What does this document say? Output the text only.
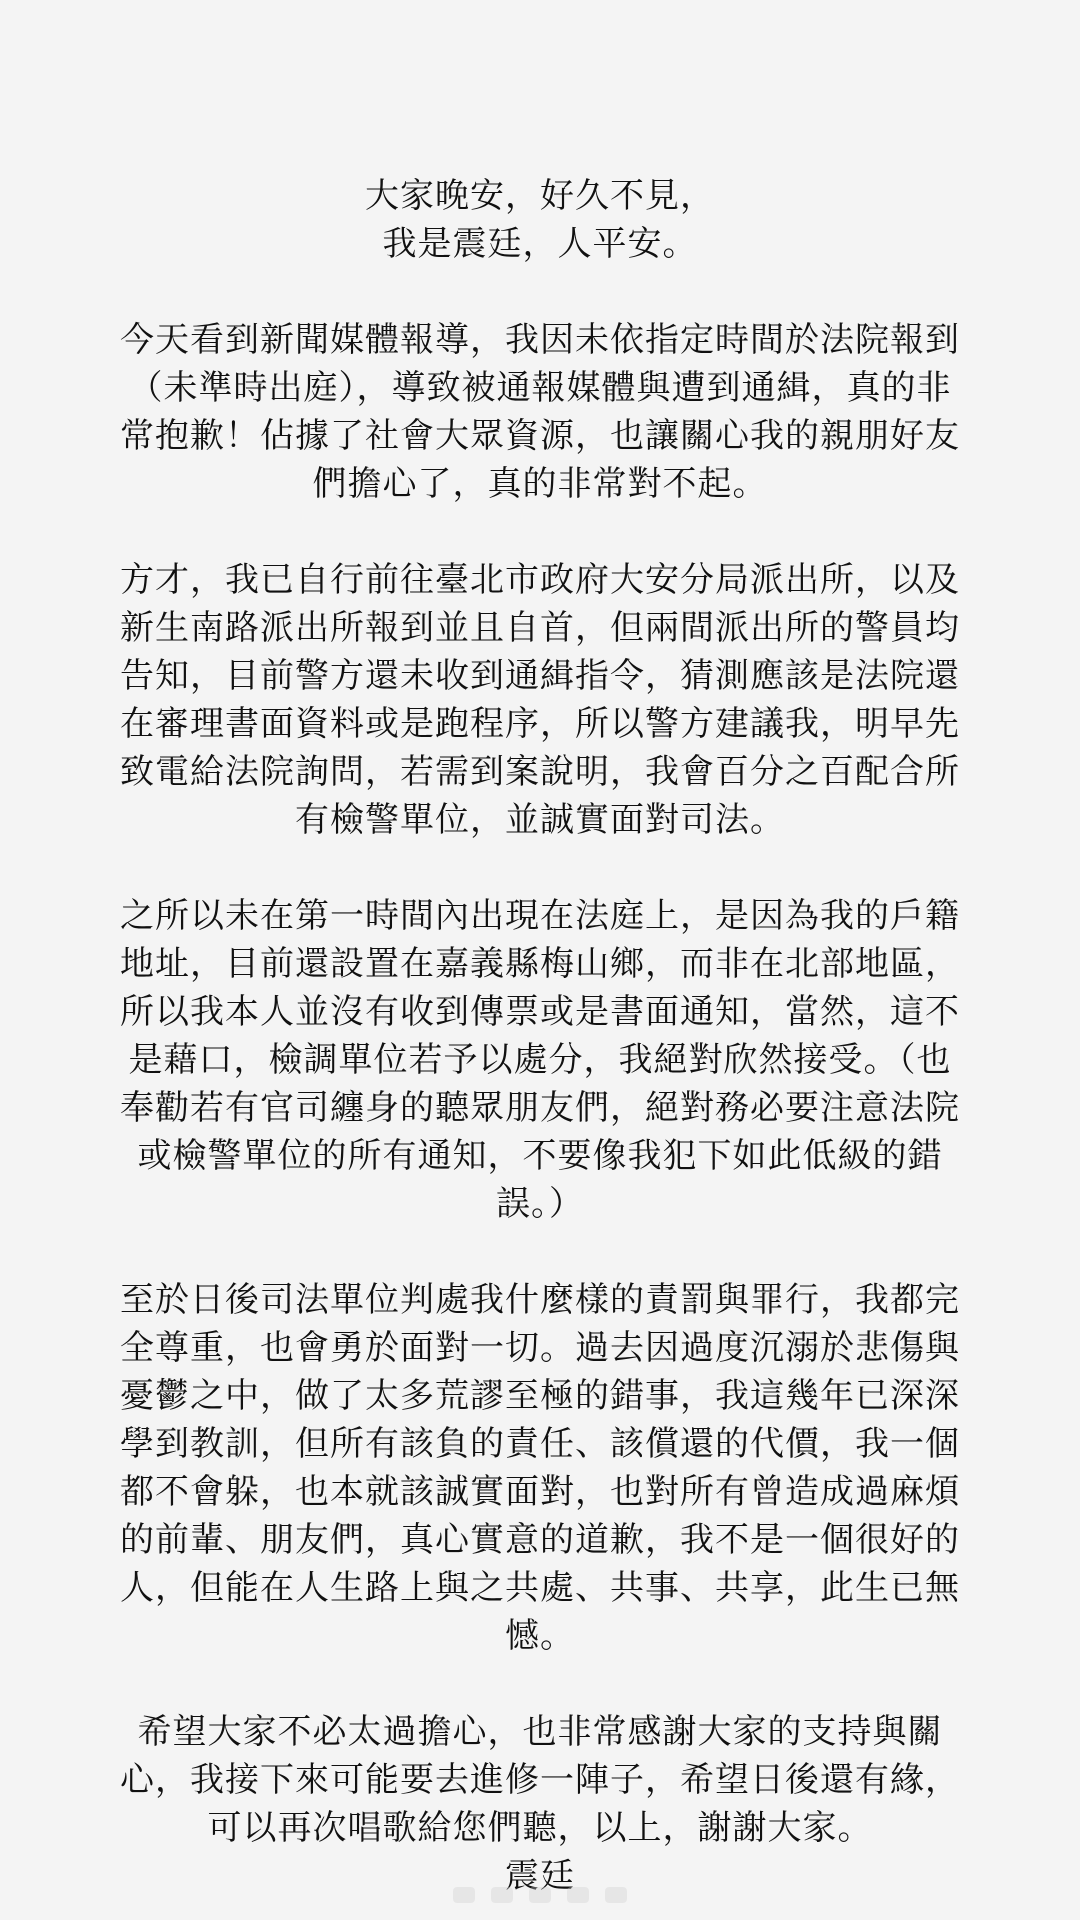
大家晚安，好久不見，

我是震廷，人平安。

今天看到新聞媒體報導，我因未依指定時間於法院報到

（未準時出庭），導致被通報媒體與遭到通緝，真的非

常抱歉！佔據了社會大眾資源，也讓關心我的親朋好友

們擔心了，真的非常對不起。

方才，我已自行前往臺北市政府大安分局派出所，以及

新生南路派出所報到並且自首，但兩間派出所的警員均

告知，目前警方還未收到通緝指令，猜測應該是法院還

在審理書面資料或是跑程序，所以警方建議我，明早先

致電給法院詢問，若需到案說明，我會百分之百配合所

有檢警單位，並誠實面對司法。

之所以未在第一時間內出現在法庭上，是因為我的戶籍

地址，目前還設置在嘉義縣梅山鄉，而非在北部地區，

所以我本人並沒有收到傳票或是書面通知，當然，這不

是藉口，檢調單位若予以處分，我絕對欣然接受。（也

奉勸若有官司纏身的聽眾朋友們，絕對務必要注意法院

或檢警單位的所有通知，不要像我犯下如此低級的錯

誤。）

至於日後司法單位判處我什麼樣的責罰與罪行，我都完

全尊重，也會勇於面對一切。過去因過度沉溺於悲傷與

憂鬱之中，做了太多荒謬至極的錯事，我這幾年已深深

學到教訓，但所有該負的責任、該償還的代價，我一個

都不會躲，也本就該誠實面對，也對所有曾造成過麻煩

的前輩、朋友們，真心實意的道歉，我不是一個很好的

人，但能在人生路上與之共處、共事、共享，此生已無

憾。

希望大家不必太過擔心，也非常感謝大家的支持與關

心，我接下來可能要去進修一陣子，希望日後還有緣，

可以再次唱歌給您們聽，以上，謝謝大家。

震廷
